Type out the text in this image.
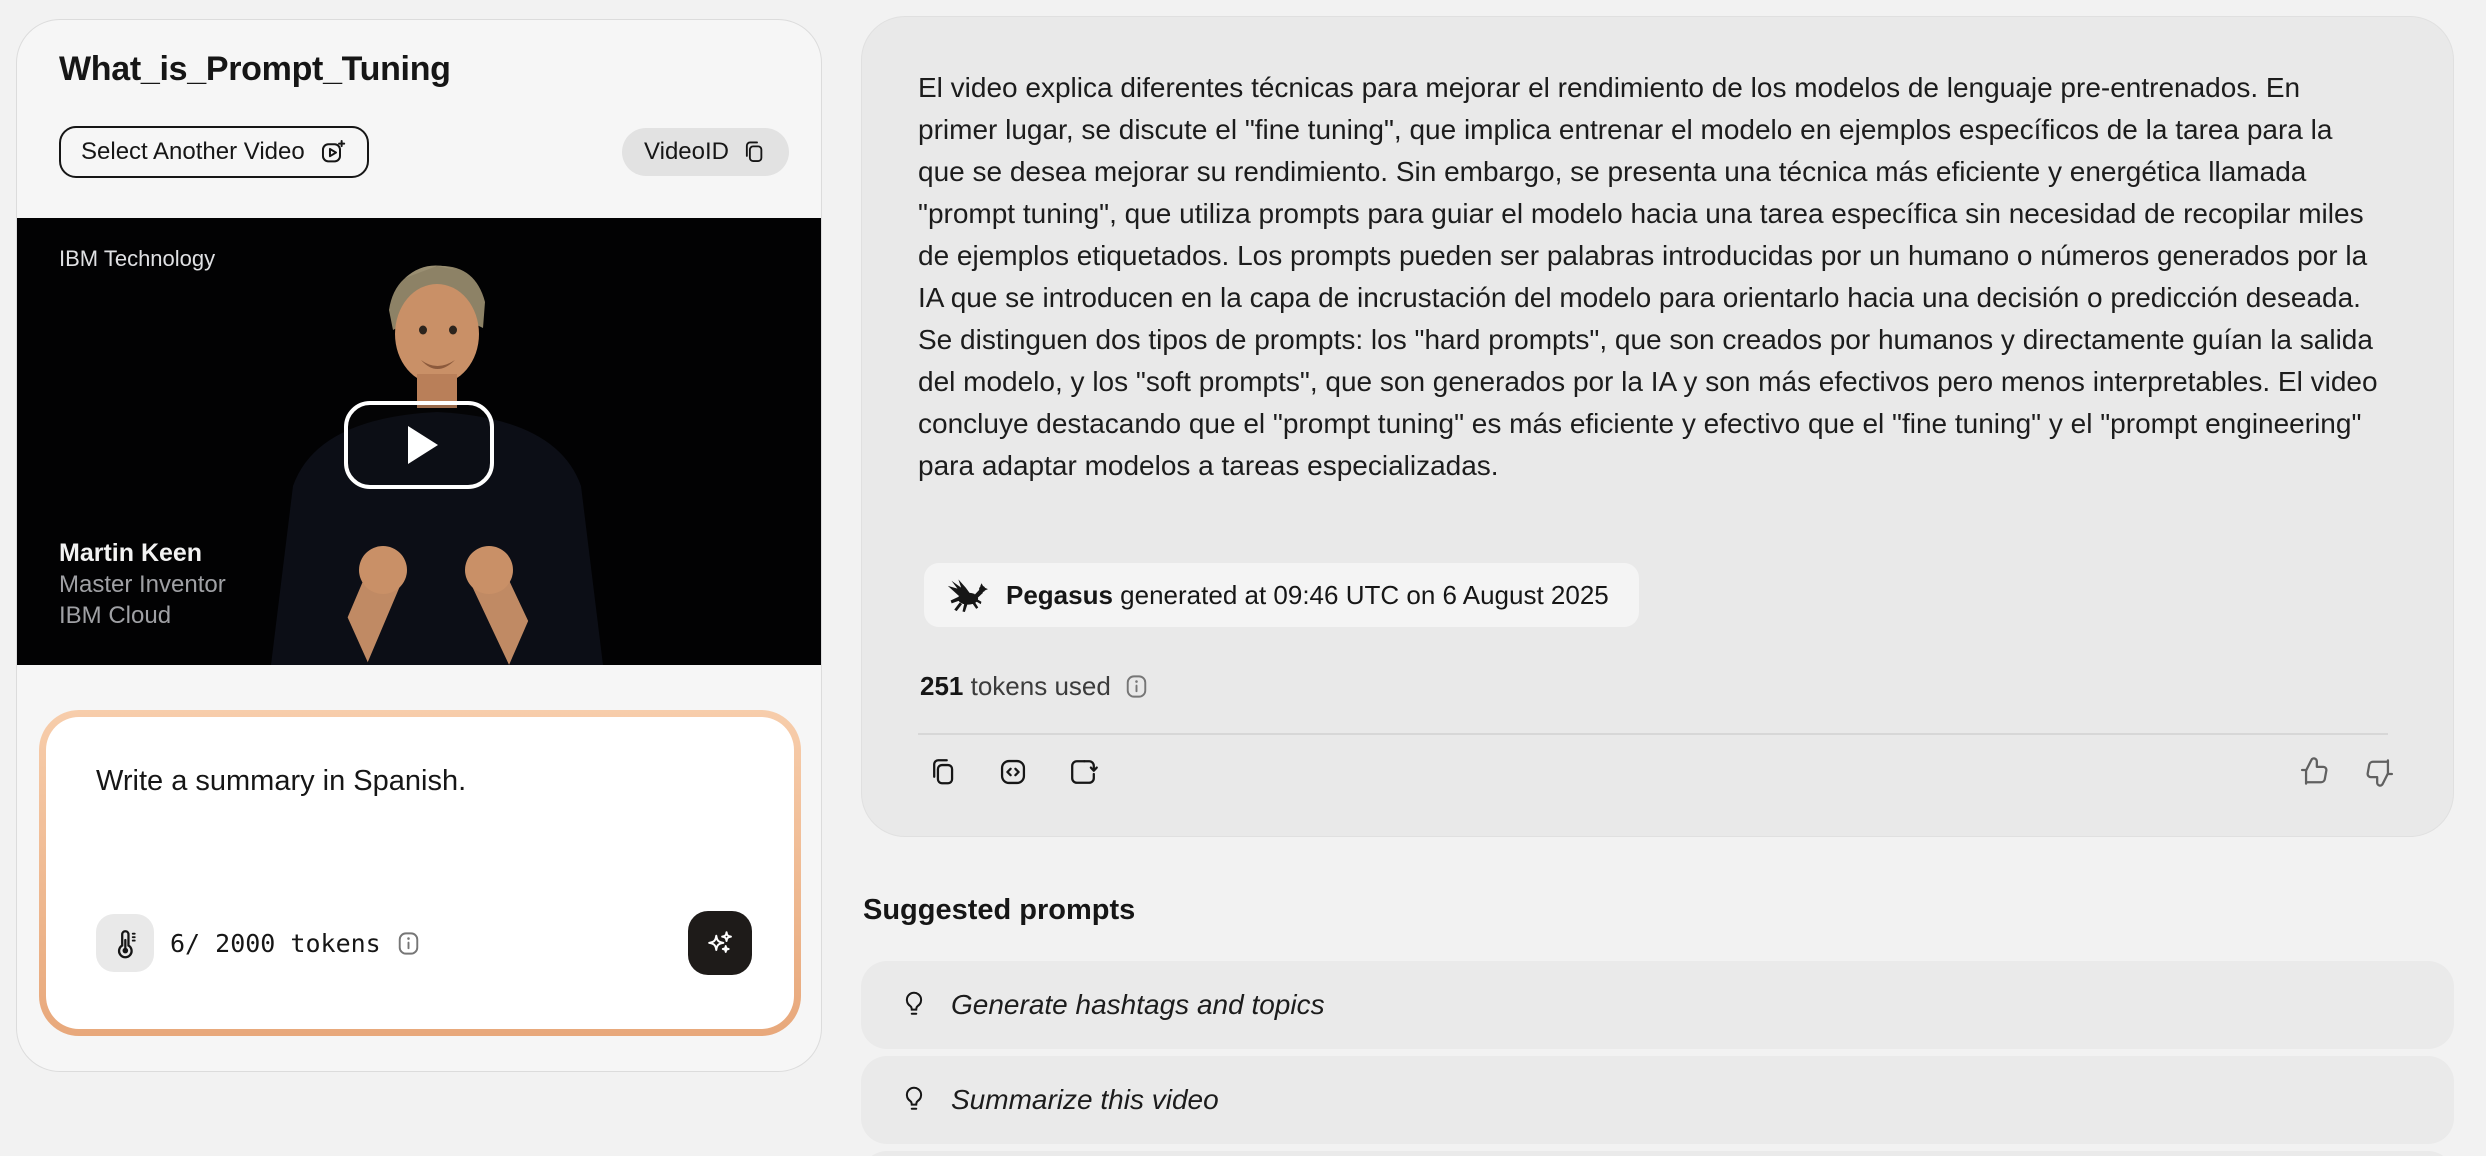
What_is_Prompt_Tuning
Select Another Video	VideoID
IBM Technology
Martin Keen
Master Inventor
IBM Cloud
Write a summary in Spanish.
6/ 2000 tokens
El video explica diferentes técnicas para mejorar el rendimiento de los modelos de lenguaje pre-entrenados. En primer lugar, se discute el "fine tuning", que implica entrenar el modelo en ejemplos específicos de la tarea para la que se desea mejorar su rendimiento. Sin embargo, se presenta una técnica más eficiente y energética llamada "prompt tuning", que utiliza prompts para guiar el modelo hacia una tarea específica sin necesidad de recopilar miles de ejemplos etiquetados. Los prompts pueden ser palabras introducidas por un humano o números generados por la IA que se introducen en la capa de incrustación del modelo para orientarlo hacia una decisión o predicción deseada. Se distinguen dos tipos de prompts: los "hard prompts", que son creados por humanos y directamente guían la salida del modelo, y los "soft prompts", que son generados por la IA y son más efectivos pero menos interpretables. El video concluye destacando que el "prompt tuning" es más eficiente y efectivo que el "fine tuning" y el "prompt engineering" para adaptar modelos a tareas especializadas.
Pegasus generated at 09:46 UTC on 6 August 2025
251 tokens used
Suggested prompts
Generate hashtags and topics
Summarize this video
